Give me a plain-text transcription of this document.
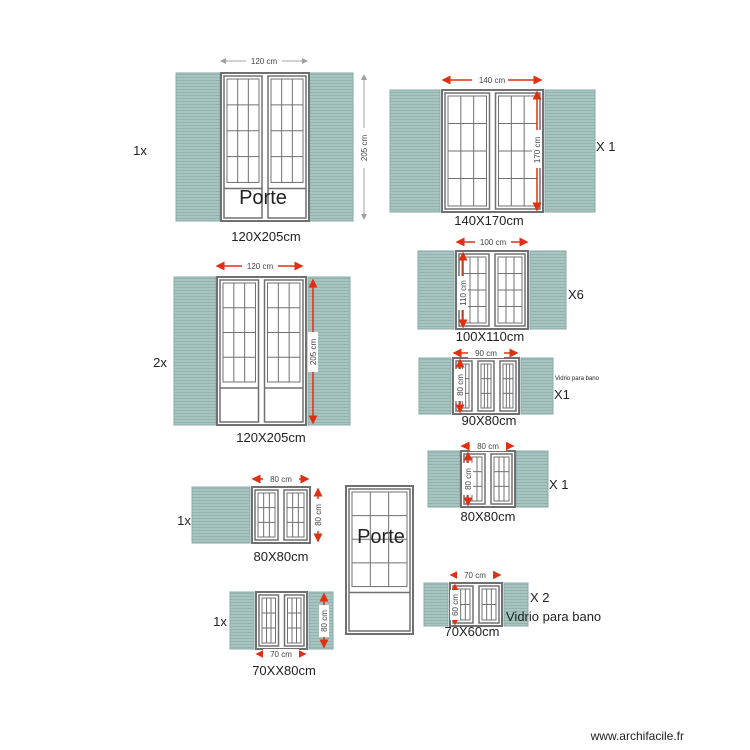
120 cm
205 cm
Porte
120X205cm
1x
140 cm
170 cm
140X170cm
X 1
120 cm
205 cm
120X205cm
2x
100 cm
110 cm
100X110cm
X6
90 cm
80 cm
90X80cm
X1
Vidrio para bano
80 cm
80 cm
80X80cm
X 1
80 cm
80 cm
80X80cm
1x
Porte
70 cm
80 cm
70XX80cm
1x
70 cm
60 cm
70X60cm
X 2
Vidrio para bano
www.archifacile.fr
